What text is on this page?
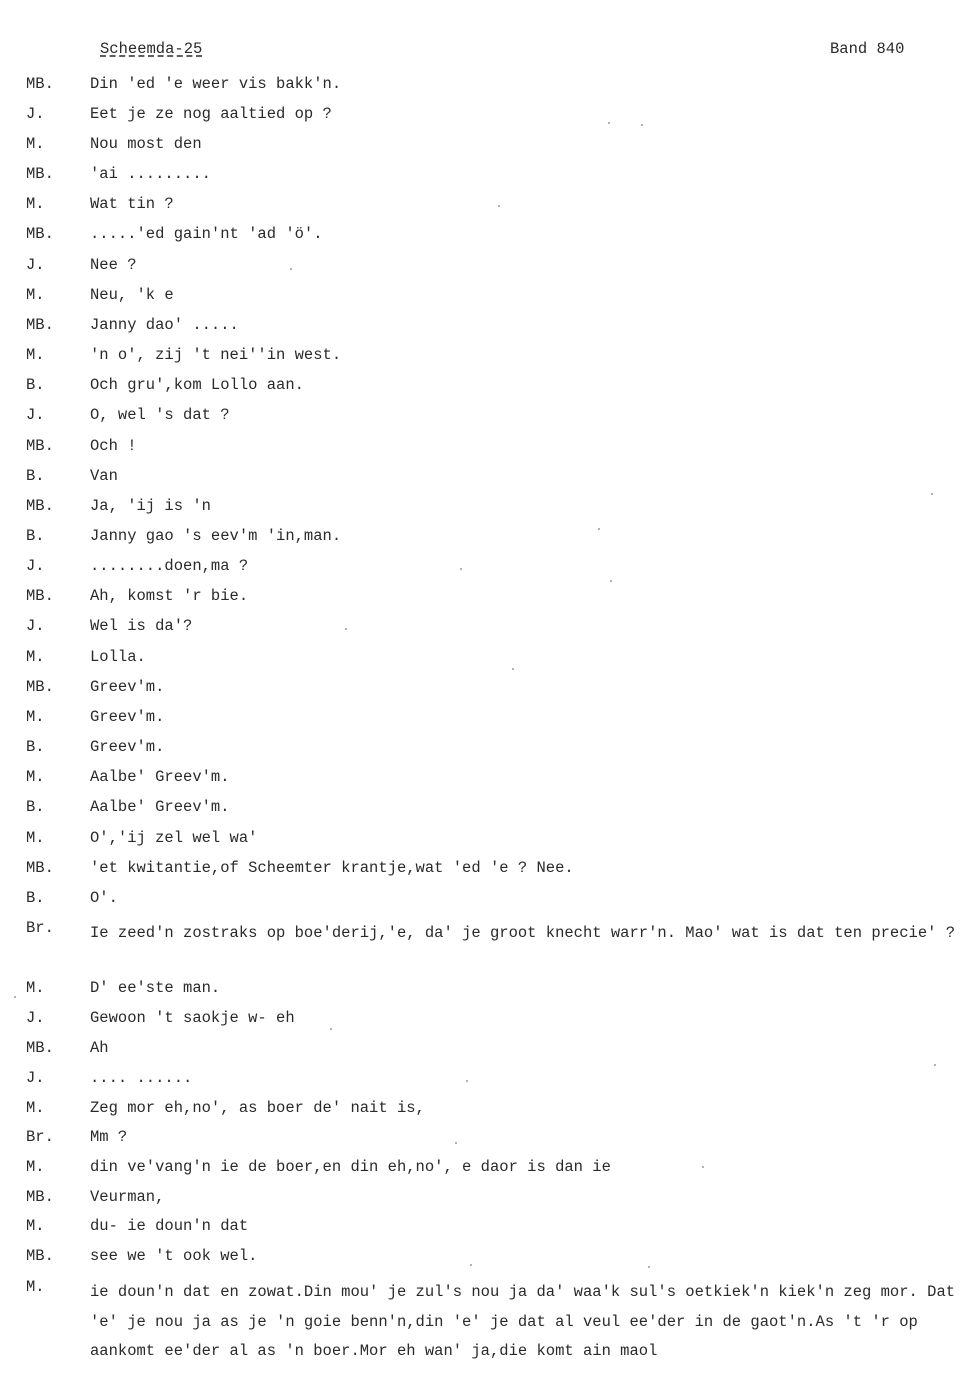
Scheemda-25	Band 840
MB. Din 'ed 'e weer vis bakk'n.
J.	Eet je ze nog aaltied op ?
M.	Nou most den
MB. 'ai .........
M.	Wat tin ?
MB. .....'ed gain'nt 'ad 'ö'.
J.	Nee ?
M.	Neu, 'k e
MB. Janny dao' .....
M.	'n o', zij 't nei''in west.
B.	Och gru',kom Lollo aan.
J.	O, wel 's dat ?
MB. Och !
B.	Van
MB. Ja, 'ij is 'n
B.	Janny gao 's eev'm 'in,man.
J.	........doen,ma ?
MB. Ah, komst 'r bie.
J.	Wel is da'?
M.	Lolla.
MB. Greev'm.
M.	Greev'm.
B.	Greev'm.
M.	Aalbe' Greev'm.
B.	Aalbe' Greev'm.
M.	O','ij zel wel wa'
MB. 'et kwitantie,of Scheemter krantje,wat 'ed 'e ? Nee.
B.	O'.
Br. Ie zeed'n zostraks op boe'derij,'e, da' je groot knecht warr'n. Mao' wat is dat ten precie' ?
M.	D' ee'ste man.
J.	Gewoon 't saokje w- eh
MB. Ah
J.	.... ......
M.	Zeg mor eh,no', as boer de' nait is,
Br. Mm ?
M.	din ve'vang'n ie de boer,en din eh,no', e daor is dan ie
MB. Veurman,
M.	du- ie doun'n dat
MB. see we 't ook wel.
M.	ie doun'n dat en zowat.Din mou' je zul's nou ja da' waa'k sul's oetkiek'n kiek'n zeg mor. Dat 'e' je nou ja as je 'n goie benn'n,din 'e' je dat al veul ee'der in de gaot'n.As 't 'r op aankomt ee'der al as 'n boer.Mor eh wan' ja,die komt ain maol
